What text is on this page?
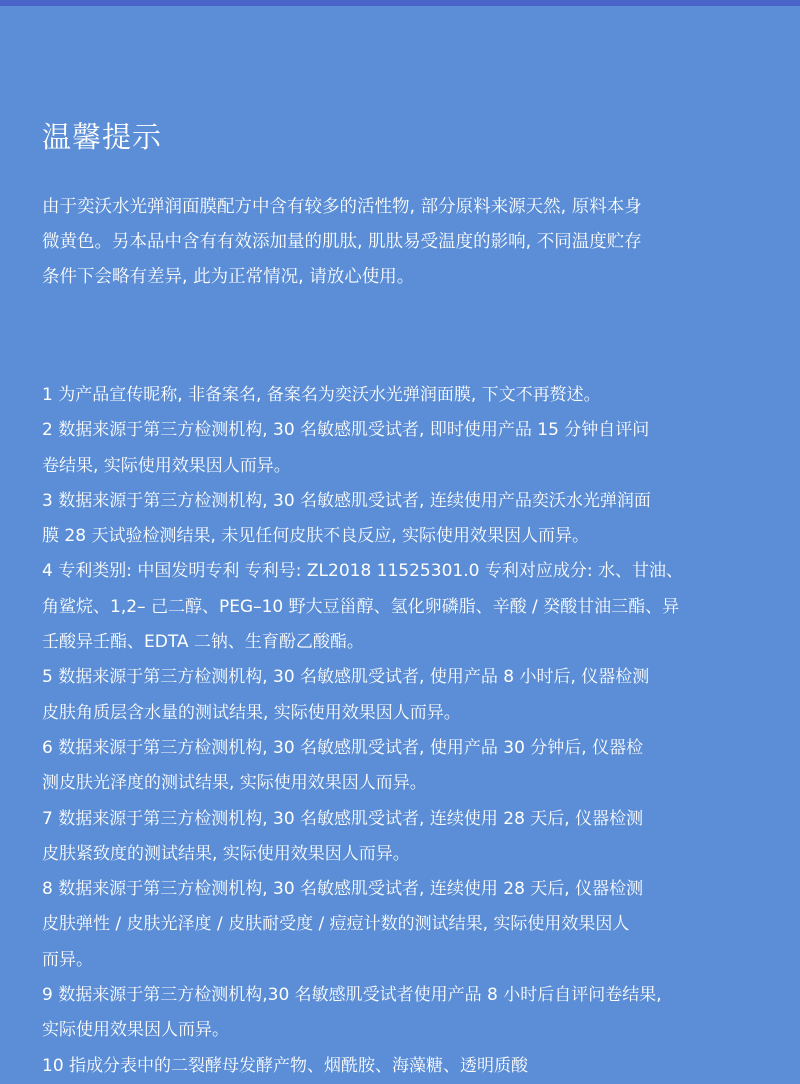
温馨提示
由于奕沃水光弹润面膜配方中含有较多的活性物, 部分原料来源天然, 原料本身
微黄色。另本品中含有有效添加量的肌肽, 肌肽易受温度的影响, 不同温度贮存
条件下会略有差异, 此为正常情况, 请放心使用。
1 为产品宣传昵称, 非备案名, 备案名为奕沃水光弹润面膜, 下文不再赘述。
2 数据来源于第三方检测机构, 30 名敏感肌受试者, 即时使用产品 15 分钟自评问
卷结果, 实际使用效果因人而异。
3 数据来源于第三方检测机构, 30 名敏感肌受试者, 连续使用产品奕沃水光弹润面
膜 28 天试验检测结果, 未见任何皮肤不良反应, 实际使用效果因人而异。
4 专利类别: 中国发明专利 专利号: ZL2018 11525301.0 专利对应成分: 水、甘油、
角鲨烷、1,2– 己二醇、PEG–10 野大豆甾醇、氢化卵磷脂、辛酸 / 癸酸甘油三酯、异
壬酸异壬酯、EDTA 二钠、生育酚乙酸酯。
5 数据来源于第三方检测机构, 30 名敏感肌受试者, 使用产品 8 小时后, 仪器检测
皮肤角质层含水量的测试结果, 实际使用效果因人而异。
6 数据来源于第三方检测机构, 30 名敏感肌受试者, 使用产品 30 分钟后, 仪器检
测皮肤光泽度的测试结果, 实际使用效果因人而异。
7 数据来源于第三方检测机构, 30 名敏感肌受试者, 连续使用 28 天后, 仪器检测
皮肤紧致度的测试结果, 实际使用效果因人而异。
8 数据来源于第三方检测机构, 30 名敏感肌受试者, 连续使用 28 天后, 仪器检测
皮肤弹性 / 皮肤光泽度 / 皮肤耐受度 / 痘痘计数的测试结果, 实际使用效果因人
而异。
9 数据来源于第三方检测机构,30 名敏感肌受试者使用产品 8 小时后自评问卷结果,
实际使用效果因人而异。
10 指成分表中的二裂酵母发酵产物、烟酰胺、海藻糖、透明质酸
